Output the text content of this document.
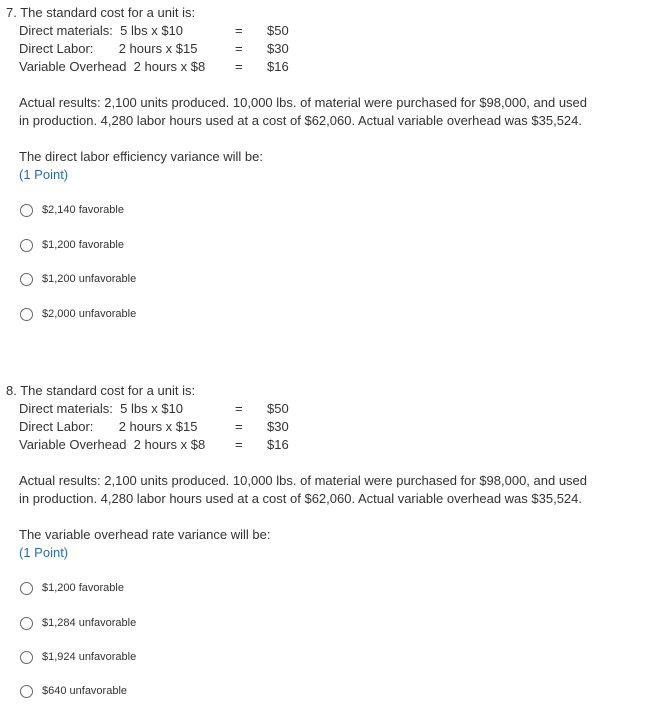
7. The standard cost for a unit is:
Direct materials:  5 lbs x $10	= $50
Direct Labor:       2 hours x $15	= $30
Variable Overhead  2 hours x $8 = $16
Actual results: 2,100 units produced. 10,000 lbs. of material were purchased for $98,000, and used
in production. 4,280 labor hours used at a cost of $62,060. Actual variable overhead was $35,524.
The direct labor efficiency variance will be:
(1 Point)
$2,140 favorable
$1,200 favorable
$1,200 unfavorable
$2,000 unfavorable
8. The standard cost for a unit is:
Direct materials:  5 lbs x $10	= $50
Direct Labor:       2 hours x $15	= $30
Variable Overhead  2 hours x $8 = $16
Actual results: 2,100 units produced. 10,000 lbs. of material were purchased for $98,000, and used
in production. 4,280 labor hours used at a cost of $62,060. Actual variable overhead was $35,524.
The variable overhead rate variance will be:
(1 Point)
$1,200 favorable
$1,284 unfavorable
$1,924 unfavorable
$640 unfavorable
